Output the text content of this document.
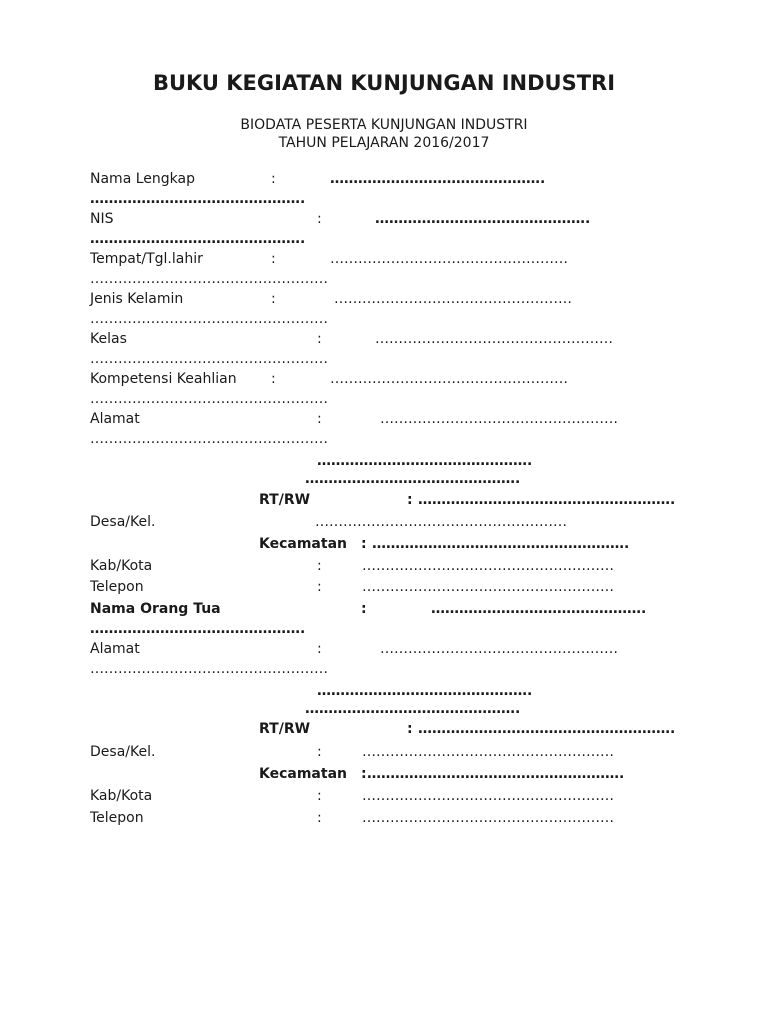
BUKU KEGIATAN KUNJUNGAN INDUSTRI
BIODATA PESERTA KUNJUNGAN INDUSTRI
TAHUN PELAJARAN 2016/2017
Nama Lengkap	:	……………………………………….
……………………………………….
NIS	:	……………………………………….
……………………………………….
Tempat/Tgl.lahir	:	……………………………………………
……………………………………………
Jenis Kelamin	:	……………………………………………
……………………………………………
Kelas	:	……………………………………………
……………………………………………
Kompetensi Keahlian :	……………………………………………
……………………………………………
Alamat	:	……………………………………………
……………………………………………
……………………………………….
……………………………………….
RT/RW	: ……………………………………………….
Desa/Kel.	………………………………………………
Kecamatan : ……………………………………………….
Kab/Kota	:	………………………………………………
Telepon	:	………………………………………………
Nama Orang Tua	:	……………………………………….
……………………………………….
Alamat	:	……………………………………………
……………………………………………
……………………………………….
……………………………………….
RT/RW	: ……………………………………………….
Desa/Kel.	:	………………………………………………
Kecamatan : ……………………………………………….
Kab/Kota	:	………………………………………………
Telepon	:	………………………………………………
